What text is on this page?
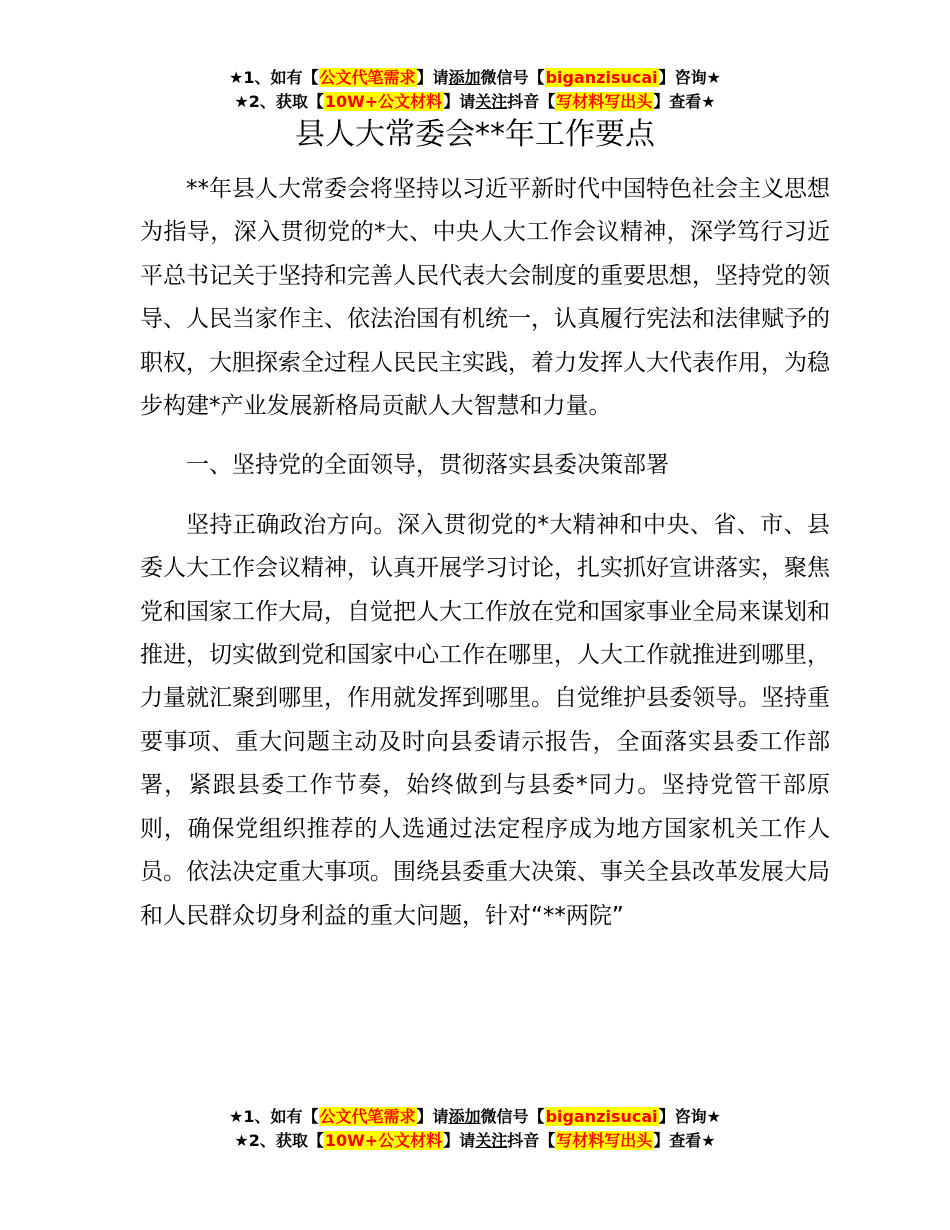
★1、如有【公文代笔需求】请添加微信号【biganzisucai】咨询★
★2、获取【10W+公文材料】请关注抖音【写材料写出头】查看★
县人大常委会**年工作要点

**年县人大常委会将坚持以习近平新时代中国特色社会主义思想为指导，深入贯彻党的*大、中央人大工作会议精神，深学笃行习近平总书记关于坚持和完善人民代表大会制度的重要思想，坚持党的领导、人民当家作主、依法治国有机统一，认真履行宪法和法律赋予的职权，大胆探索全过程人民民主实践，着力发挥人大代表作用，为稳步构建*产业发展新格局贡献人大智慧和力量。

一、坚持党的全面领导，贯彻落实县委决策部署

坚持正确政治方向。深入贯彻党的*大精神和中央、省、市、县委人大工作会议精神，认真开展学习讨论，扎实抓好宣讲落实，聚焦党和国家工作大局，自觉把人大工作放在党和国家事业全局来谋划和推进，切实做到党和国家中心工作在哪里，人大工作就推进到哪里，力量就汇聚到哪里，作用就发挥到哪里。自觉维护县委领导。坚持重要事项、重大问题主动及时向县委请示报告，全面落实县委工作部署，紧跟县委工作节奏，始终做到与县委*同力。坚持党管干部原则，确保党组织推荐的人选通过法定程序成为地方国家机关工作人员。依法决定重大事项。围绕县委重大决策、事关全县改革发展大局和人民群众切身利益的重大问题，针对“**两院”

★1、如有【公文代笔需求】请添加微信号【biganzisucai】咨询★
★2、获取【10W+公文材料】请关注抖音【写材料写出头】查看★
